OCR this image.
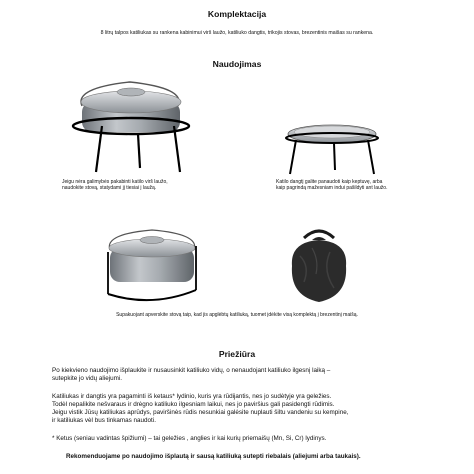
Komplektacija
8 litrų talpos katiliukas su rankena kabinimui virš laužo, katiliuko dangtis, trikojis stovas, brezentinis maišas su rankena.
Naudojimas
Jeigu nėra galimybės pakabinti katilo virš laužo,
naudokite stovą, statydami jį tiesiai į laužą.
Katilo dangtį galite panaudoti kaip keptuvę, arba
kaip pagrindą mažesniam indui pašildyti ant laužo.
Supakuojant apverskite stovą taip, kad jis apglėbtų katiliuką, tuomet įdėkite visą komplektą į brezentinį maišą.
Priežiūra
Po kiekvieno naudojimo išplaukite ir nusausinkit katiliuko vidų, o nenaudojant katiliuko ilgesnį laiką –
sutepkite jo vidų aliejumi.
Katiliukas ir dangtis yra pagaminti iš ketaus* lydinio, kuris yra rūdijantis, nes jo sudėtyje yra geležies.
Todėl nepalikite nešvaraus ir drėgno katiliuko ilgesniam laikui, nes jo paviršius gali pasidengti rūdimis.
Jeigu vistik Jūsų katiliukas aprūdys, paviršinės rūdis nesunkiai galėsite nuplauti šiltu vandeniu su kempine,
ir katiliukas vėl bus tinkamas naudoti.
* Ketus (seniau vadintas špižiumi) – tai geležies , anglies ir kai kurių priemaišų (Mn, Si, Cr) lydinys.
Rekomenduojame po naudojimo išplautą ir sausą katiliuką sutepti riebalais (aliejumi arba taukais).
